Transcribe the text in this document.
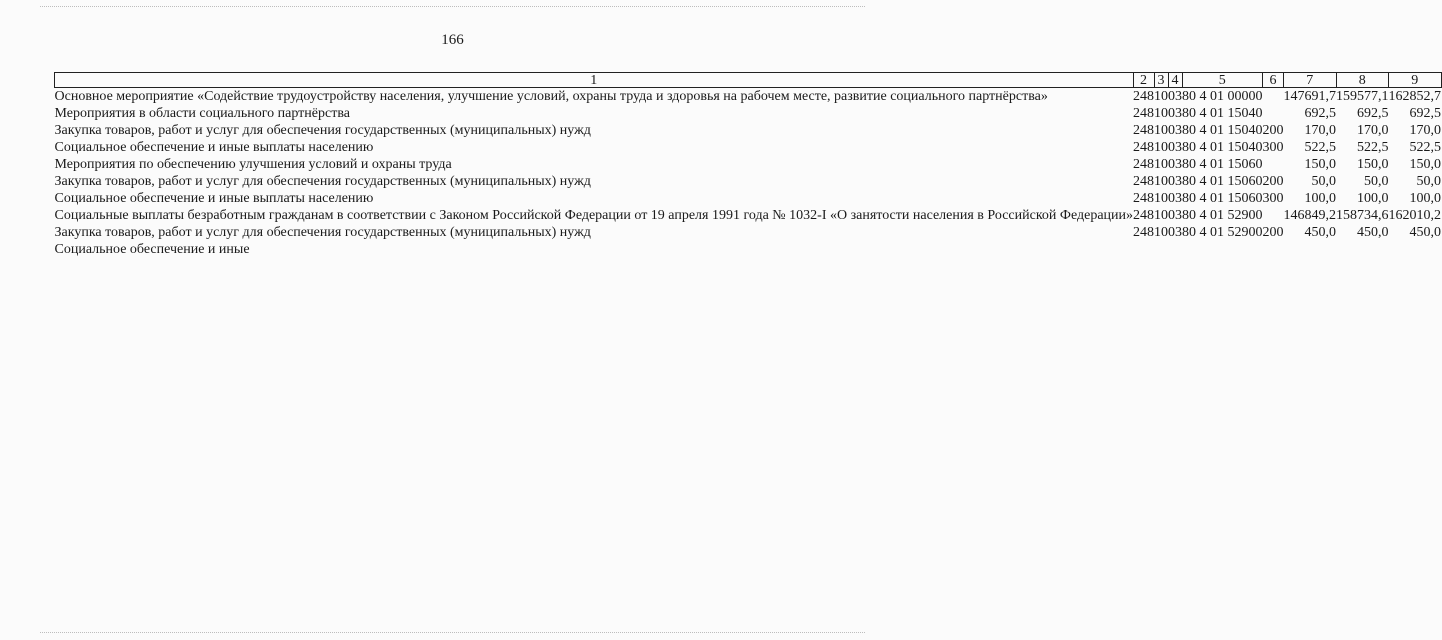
166
1	2	3	4	5	6	7	8	9
Основное мероприятие «Содействие трудоустройству населения, улучшение условий, охраны труда и здоровья на рабочем месте, развитие социального партнёрства»	248	10	03	80 4 01 00000		147691,7	159577,1	162852,7
Мероприятия в области социального партнёрства	248	10	03	80 4 01 15040		692,5	692,5	692,5
Закупка товаров, работ и услуг для обеспечения государственных (муниципальных) нужд	248	10	03	80 4 01 15040	200	170,0	170,0	170,0
Социальное обеспечение и иные выплаты населению	248	10	03	80 4 01 15040	300	522,5	522,5	522,5
Мероприятия по обеспечению улучшения условий и охраны труда	248	10	03	80 4 01 15060		150,0	150,0	150,0
Закупка товаров, работ и услуг для обеспечения государственных (муниципальных) нужд	248	10	03	80 4 01 15060	200	50,0	50,0	50,0
Социальное обеспечение и иные выплаты населению	248	10	03	80 4 01 15060	300	100,0	100,0	100,0
Социальные выплаты безработным гражданам в соответствии с Законом Российской Федерации от 19 апреля 1991 года № 1032-I «О занятости населения в Российской Федерации»	248	10	03	80 4 01 52900		146849,2	158734,6	162010,2
Закупка товаров, работ и услуг для обеспечения государственных (муниципальных) нужд	248	10	03	80 4 01 52900	200	450,0	450,0	450,0
Социальное обеспечение и иные								
